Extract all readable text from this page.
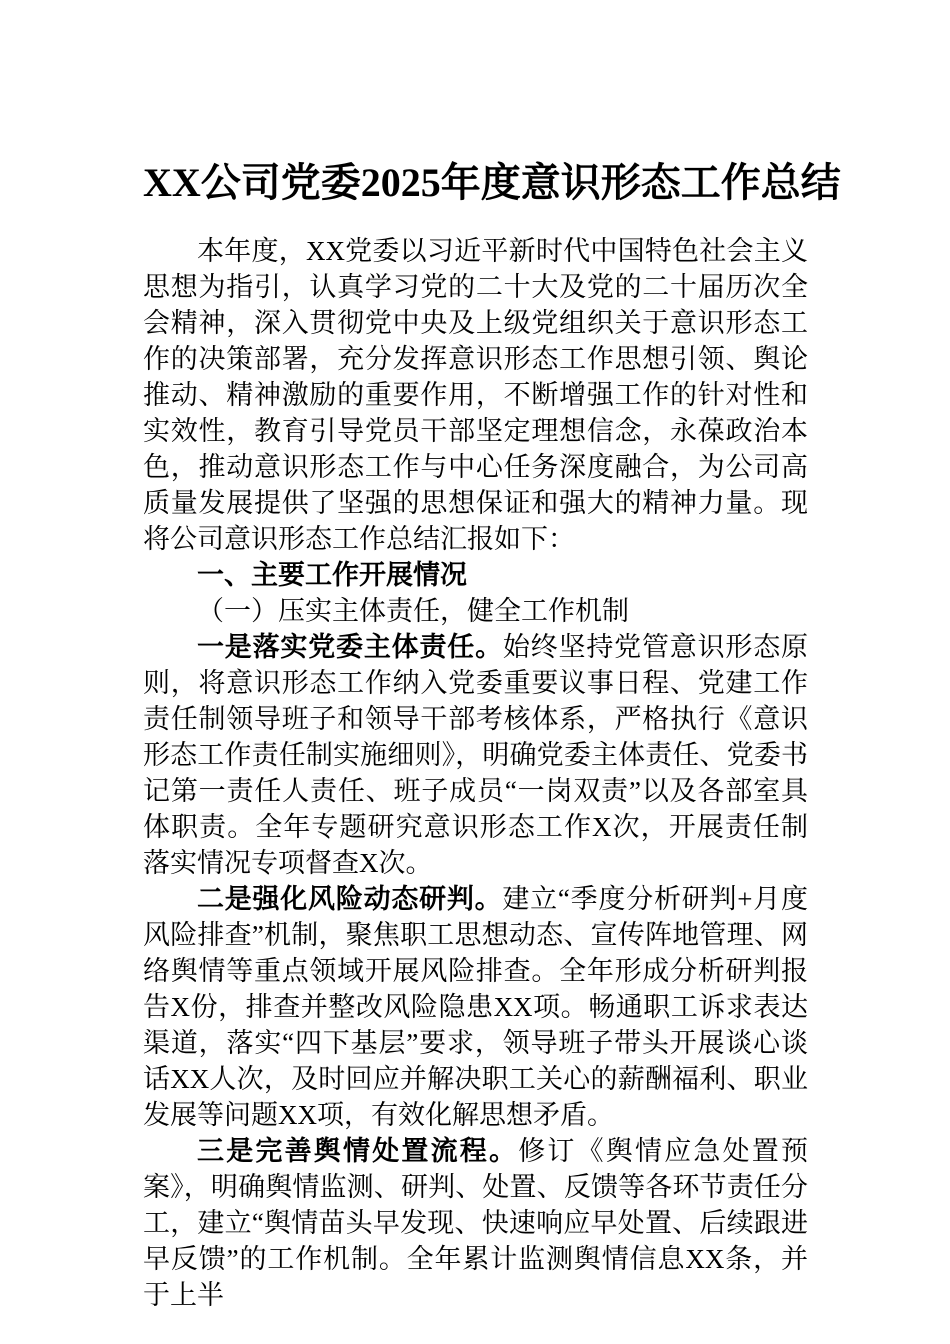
XX公司党委2025年度意识形态工作总结

本年度，XX党委以习近平新时代中国特色社会主义思想为指引，认真学习党的二十大及党的二十届历次全会精神，深入贯彻党中央及上级党组织关于意识形态工作的决策部署，充分发挥意识形态工作思想引领、舆论推动、精神激励的重要作用，不断增强工作的针对性和实效性，教育引导党员干部坚定理想信念，永葆政治本色，推动意识形态工作与中心任务深度融合，为公司高质量发展提供了坚强的思想保证和强大的精神力量。现将公司意识形态工作总结汇报如下：

一、主要工作开展情况

（一）压实主体责任，健全工作机制

一是落实党委主体责任。始终坚持党管意识形态原则，将意识形态工作纳入党委重要议事日程、党建工作责任制领导班子和领导干部考核体系，严格执行《意识形态工作责任制实施细则》，明确党委主体责任、党委书记第一责任人责任、班子成员“一岗双责”以及各部室具体职责。全年专题研究意识形态工作X次，开展责任制落实情况专项督查X次。

二是强化风险动态研判。建立“季度分析研判+月度风险排查”机制，聚焦职工思想动态、宣传阵地管理、网络舆情等重点领域开展风险排查。全年形成分析研判报告X份，排查并整改风险隐患XX项。畅通职工诉求表达渠道，落实“四下基层”要求，领导班子带头开展谈心谈话XX人次，及时回应并解决职工关心的薪酬福利、职业发展等问题XX项，有效化解思想矛盾。

三是完善舆情处置流程。修订《舆情应急处置预案》，明确舆情监测、研判、处置、反馈等各环节责任分工，建立“舆情苗头早发现、快速响应早处置、后续跟进早反馈”的工作机制。全年累计监测舆情信息XX条，并于上半
